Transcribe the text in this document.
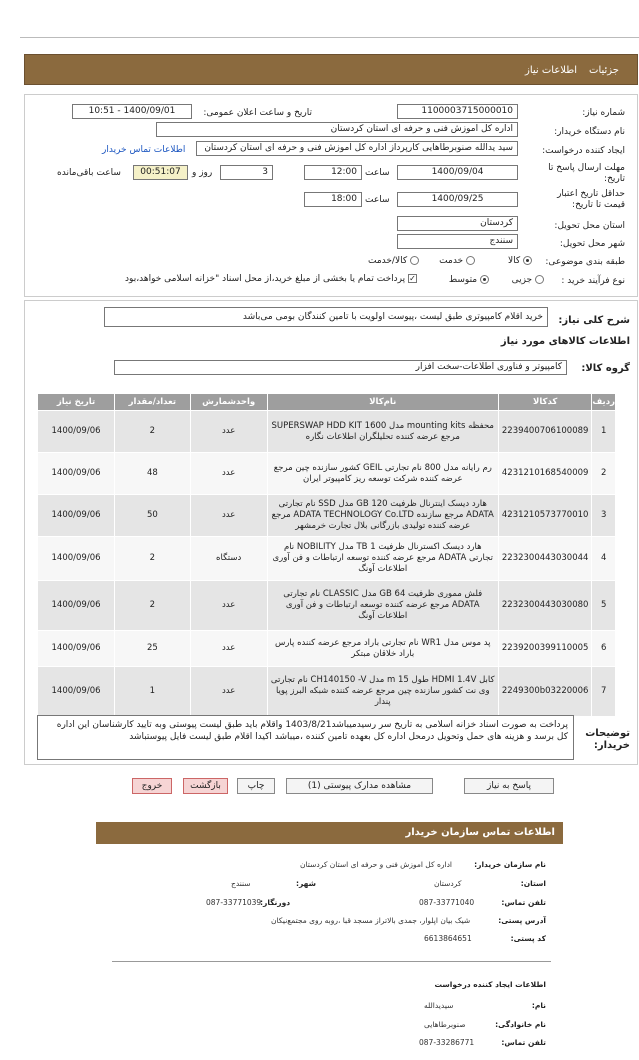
جزئیات
اطلاعات نیاز
شماره نیاز:
1100003715000010
تاریخ و ساعت اعلان عمومی:
1400/09/01 - 10:51
نام دستگاه خریدار:
اداره کل اموزش فنی و حرفه ای استان کردستان
ایجاد کننده درخواست:
سید یدالله صنوبرطاهایی کارپرداز اداره کل اموزش فنی و حرفه ای استان کردستان
اطلاعات تماس خریدار
مهلت ارسال پاسخ تا تاریخ:
1400/09/04
ساعت
12:00
3
روز و
00:51:07
ساعت باقی‌مانده
حداقل تاریخ اعتبار قیمت تا تاریخ:
1400/09/25
ساعت
18:00
استان محل تحویل:
کردستان
شهر محل تحویل:
سنندج
طبقه بندی موضوعی:
کالا
خدمت
کالا/خدمت
نوع فرآیند خرید :
جزیی
متوسط
✓ پرداخت تمام یا بخشی از مبلغ خرید،از محل اسناد "خزانه اسلامی خواهد،بود
شرح کلی نیاز:
خرید اقلام کامپیوتری طبق لیست ،پیوست اولویت با تامین کنندگان بومی می‌باشد
اطلاعات کالاهای مورد نیاز
گروه کالا:
کامپیوتر و فناوری اطلاعات-سخت افزار
ردیف	کدکالا	نام‌کالا	واحدشمارش	تعداد/مقدار	تاریخ نیاز
1	2239400706100089	محفظه mounting kits مدل 1600 SUPERSWAP HDD KIT مرجع عرضه کننده تحلیلگران اطلاعات نگاره	عدد	2	1400/09/06
2	4231210168540009	رم رایانه مدل 800 نام تجارتی GEIL کشور سازنده چین مرجع عرضه کننده شرکت توسعه ریز کامپیوتر ایران	عدد	48	1400/09/06
3	4231210573770010	هارد دیسک اینترنال ظرفیت 120 GB مدل SSD نام تجارتی ADATA مرجع سازنده ADATA TECHNOLOGY Co.LTD مرجع عرضه کننده تولیدی بازرگانی بلال تجارت خرمشهر	عدد	50	1400/09/06
4	2232300443030044	هارد دیسک اکسترنال ظرفیت 1 TB مدل NOBILITY نام تجارتی ADATA مرجع عرضه کننده توسعه ارتباطات و فن آوری اطلاعات آونگ	دستگاه	2	1400/09/06
5	2232300443030080	فلش مموری ظرفیت 64 GB مدل CLASSIC نام تجارتی ADATA مرجع عرضه کننده توسعه ارتباطات و فن آوری اطلاعات آونگ	عدد	2	1400/09/06
6	2239200399110005	پد موس مدل WR1 نام تجارتی باراد مرجع عرضه کننده پارس باراد خلاقان مبتکر	عدد	25	1400/09/06
7	2249300b03220006	کابل HDMI 1.4V طول 15 m مدل CH140150 -V نام تجارتی وی نت کشور سازنده چین مرجع عرضه کننده شبکه البرز پویا پندار	عدد	1	1400/09/06
توضیحات خریدار:
پرداخت به صورت اسناد خزانه اسلامی به تاریخ سر رسیدمیباشد1403/8/21 واقلام باید طبق لیست پیوستی وبه تایید کارشناسان این اداره کل برسد و هزینه های حمل وتحویل درمحل اداره کل بعهده تامین کننده ،میباشد اکیدا اقلام طبق لیست فایل پیوستباشد
پاسخ به نیاز
مشاهده مدارک پیوستی (1)
چاپ
بازگشت
خروج
اطلاعات تماس سازمان خریدار
نام سازمان خریدار:
اداره کل اموزش فنی و حرفه ای استان کردستان
استان:
کردستان
شهر:
سنندج
تلفن تماس:
087-33771040
دورنگار:
087-33771039
آدرس پستی:
شیک بیان اپلوار، جمدی بالاتراز مسجد قبا ،روبه روی مجتمع‌نیکان
کد پستی:
6613864651
اطلاعات ایجاد کننده درخواست
نام:
سیدیدالله
نام خانوادگی:
صنوبرطاهایی
تلفن تماس:
087-33286771
